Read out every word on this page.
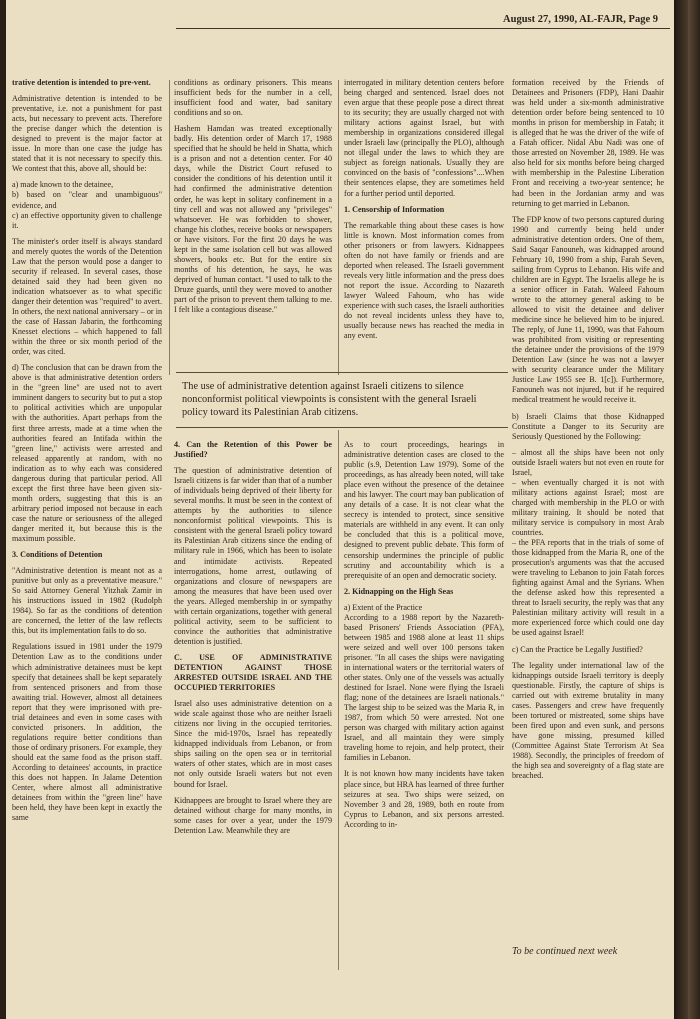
August 27, 1990, AL-FAJR, Page 9

trative detention is intended to pre-vent.

Administrative detention is intended to be preventative, i.e. not a punishment for past acts, but necessary to prevent acts. Therefore the precise danger which the detention is designed to prevent is the major factor at issue. In more than one case the judge has stated that it is not necessary to specify this. We contest that this, above all, should be:

a) made known to the detainee,

b) based on "clear and unambiguous" evidence, and

c) an effective opportunity given to challenge it.

The minister's order itself is always standard and merely quotes the words of the Detention Law that the person would pose a danger to security if released. In several cases, those detained said they had been given no indication whatsoever as to what specific danger their detention was "required" to avert. In others, the next national anniversary – or in the case of Hassan Jabarin, the forthcoming Knesset elections – which happened to fall within the three or six month period of the order, was cited.

d) The conclusion that can be drawn from the above is that administrative detention orders in the "green line" are used not to avert imminent dangers to security but to put a stop to political activities which are unpopular with the authorities. Apart perhaps from the first three arrests, made at a time when the authorities feared an Intifada within the "green line," activists were arrested and released apparently at random, with no indication as to why each was considered dangerous during that particular period. All except the first three have been given six-month orders, suggesting that this is an arbitrary period imposed not because in each case the nature or seriousness of the alleged danger merited it, but because this is the maximum possible.

3. Conditions of Detention

"Administrative detention is meant not as a punitive but only as a preventative measure." So said Attorney General Yitzhak Zamir in his instructions issued in 1982 (Rudolph 1984). So far as the conditions of detention are concerned, the letter of the law reflects this, but its implementation fails to do so.

Regulations issued in 1981 under the 1979 Detention Law as to the conditions under which administrative detainees must be kept specify that detainees shall be kept separately from sentenced prisoners and from those awaiting trial. However, almost all detainees report that they were imprisoned with pre-trial detainees and even in some cases with convicted prisoners. In addition, the regulations require better conditions than those of ordinary prisoners. For example, they should eat the same food as the prison staff. According to detainees' accounts, in practice this does not happen. In Jalame Detention Center, where almost all administrative detainees from within the "green line" have been held, they have been kept in exactly the same

conditions as ordinary prisoners. This means insufficient beds for the number in a cell, insufficient food and water, bad sanitary conditions and so on.

Hashem Hamdan was treated exceptionally badly. His detention order of March 17, 1988 specified that he should be held in Shatta, which is a prison and not a detention center. For 40 days, while the District Court refused to consider the conditions of his detention until it had confirmed the administrative detention order, he was kept in solitary confinement in a tiny cell and was not allowed any "privileges" whatsoever. He was forbidden to shower, change his clothes, receive books or newspapers or have visitors. For the first 20 days he was kept in the same isolation cell but was allowed showers, books etc. But for the entire six months of his detention, he says, he was deprived of human contact. "I used to talk to the Druze guards, until they were moved to another part of the prison to prevent them talking to me. I felt like a contagious disease."

interrogated in military detention centers before being charged and sentenced. Israel does not even argue that these people pose a direct threat to its security; they are usually charged not with military actions against Israel, but with membership in organizations considered illegal under Israeli law (principally the PLO), although not illegal under the laws to which they are subject as foreign nationals. Usually they are convinced on the basis of "confessions"....When their sentences elapse, they are sometimes held for a further period until deported.

1. Censorship of Information

The remarkable thing about these cases is how little is known. Most information comes from other prisoners or from lawyers. Kidnappees often do not have family or friends and are deported when released. The Israeli government reveals very little information and the press does not report the issue. According to Nazareth lawyer Waleed Fahoum, who has wide experience with such cases, the Israeli authorities do not reveal incidents unless they have to, usually because news has reached the media in any event.

formation received by the Friends of Detainees and Prisoners (FDP), Hani Daahir was held under a six-month administrative detention order before being sentenced to 10 months in prison for membership in Fatah; it is alleged that he was the driver of the wife of a Fatah officer. Nidal Abu Nadi was one of those arrested on November 28, 1989. He was also held for six months before being charged with membership in the Palestine Liberation Front and receiving a two-year sentence; he had been in the Jordanian army and was returning to get married in Lebanon.

The FDP know of two persons captured during 1990 and currently being held under administrative detention orders. One of them, Said Saqar Fanouneh, was kidnapped around February 10, 1990 from a ship, Farah Seven, sailing from Cyprus to Lebanon. His wife and children are in Egypt. The Israelis allege he is a senior officer in Fatah. Waleed Fahoum wrote to the attorney general asking to be allowed to visit the detainee and deliver medicine since he believed him to be injured. The reply, of June 11, 1990, was that Fahoum was prohibited from visiting or representing the detainee under the provisions of the 1979 Detention Law (since he was not a lawyer with security clearance under the Military Justice Law 1955 see B. 1[c]). Furthermore, Fanouneh was not injured, but if he required medical treatment he would receive it.

b) Israeli Claims that those Kidnapped Constitute a Danger to its Security are Seriously Questioned by the Following:

– almost all the ships have been not only outside Israeli waters but not even en route for Israel,

– when eventually charged it is not with military actions against Israel; most are charged with membership in the PLO or with military training. It should be noted that military service is compulsory in most Arab countries.

– the PFA reports that in the trials of some of those kidnapped from the Maria R, one of the prosecution's arguments was that the accused were traveling to Lebanon to join Fatah forces fighting against Amal and the Syrians. When the defense asked how this represented a threat to Israeli security, the reply was that any Palestinian military activity will result in a more experienced force which could one day be used against Israel!

c) Can the Practice be Legally Justified?

The legality under international law of the kidnappings outside Israeli territory is deeply questionable. Firstly, the capture of ships is carried out with extreme brutality in many cases. Passengers and crew have frequently been tortured or mistreated, some ships have been fired upon and even sunk, and persons have gone missing, presumed killed (Committee Against State Terrorism At Sea 1988). Secondly, the principles of freedom of the high sea and sovereignty of a flag state are breached.

The use of administrative detention against Israeli citizens to silence nonconformist political viewpoints is consistent with the general Israeli policy toward its Palestinian Arab citizens.

4. Can the Retention of this Power be Justified?

The question of administrative detention of Israeli citizens is far wider than that of a number of individuals being deprived of their liberty for several months. It must be seen in the context of attempts by the authorities to silence nonconformist political viewpoints. This is consistent with the general Israeli policy toward its Palestinian Arab citizens since the ending of military rule in 1966, which has been to isolate and intimidate activists. Repeated interrogations, home arrest, outlawing of organizations and closure of newspapers are among the measures that have been used over the years. Alleged membership in or sympathy with certain organizations, together with general political activity, seem to be sufficient to convince the authorities that administrative detention is justified.

C. USE OF ADMINISTRATIVE DETENTION AGAINST THOSE ARRESTED OUTSIDE ISRAEL AND THE OCCUPIED TERRITORIES

Israel also uses administrative detention on a wide scale against those who are neither Israeli citizens nor living in the occupied territories. Since the mid-1970s, Israel has repeatedly kidnapped individuals from Lebanon, or from ships sailing on the open sea or in territorial waters of other states, which are in most cases not only outside Israeli waters but not even bound for Israel.

Kidnappees are brought to Israel where they are detained without charge for many months, in some cases for over a year, under the 1979 Detention Law. Meanwhile they are

As to court proceedings, hearings in administrative detention cases are closed to the public (s.9, Detention Law 1979). Some of the proceedings, as has already been noted, will take place even without the presence of the detainee and his lawyer. The court may ban publication of any details of a case. It is not clear what the secrecy is intended to protect, since sensitive materials are withheld in any event. It can only be concluded that this is a political move, designed to prevent public debate. This form of censorship undermines the principle of public scrutiny and accountability which is a prerequisite of an open and democratic society.

2. Kidnapping on the High Seas

a) Extent of the Practice
According to a 1988 report by the Nazareth-based Prisoners' Friends Association (PFA), between 1985 and 1988 alone at least 11 ships were seized and well over 100 persons taken prisoner. "In all cases the ships were navigating in international waters or the territorial waters of other states. Only one of the vessels was actually destined for Israel. None were flying the Israeli flag; none of the detainees are Israeli nationals." The largest ship to be seized was the Maria R, in 1987, from which 50 were arrested. Not one person was charged with military action against Israel, and all maintain they were simply traveling home to rejoin, and help protect, their families in Lebanon.

It is not known how many incidents have taken place since, but HRA has learned of three further seizures at sea. Two ships were seized, on November 3 and 28, 1989, both en route from Cyprus to Lebanon, and six persons arrested. According to in-

To be continued next week
